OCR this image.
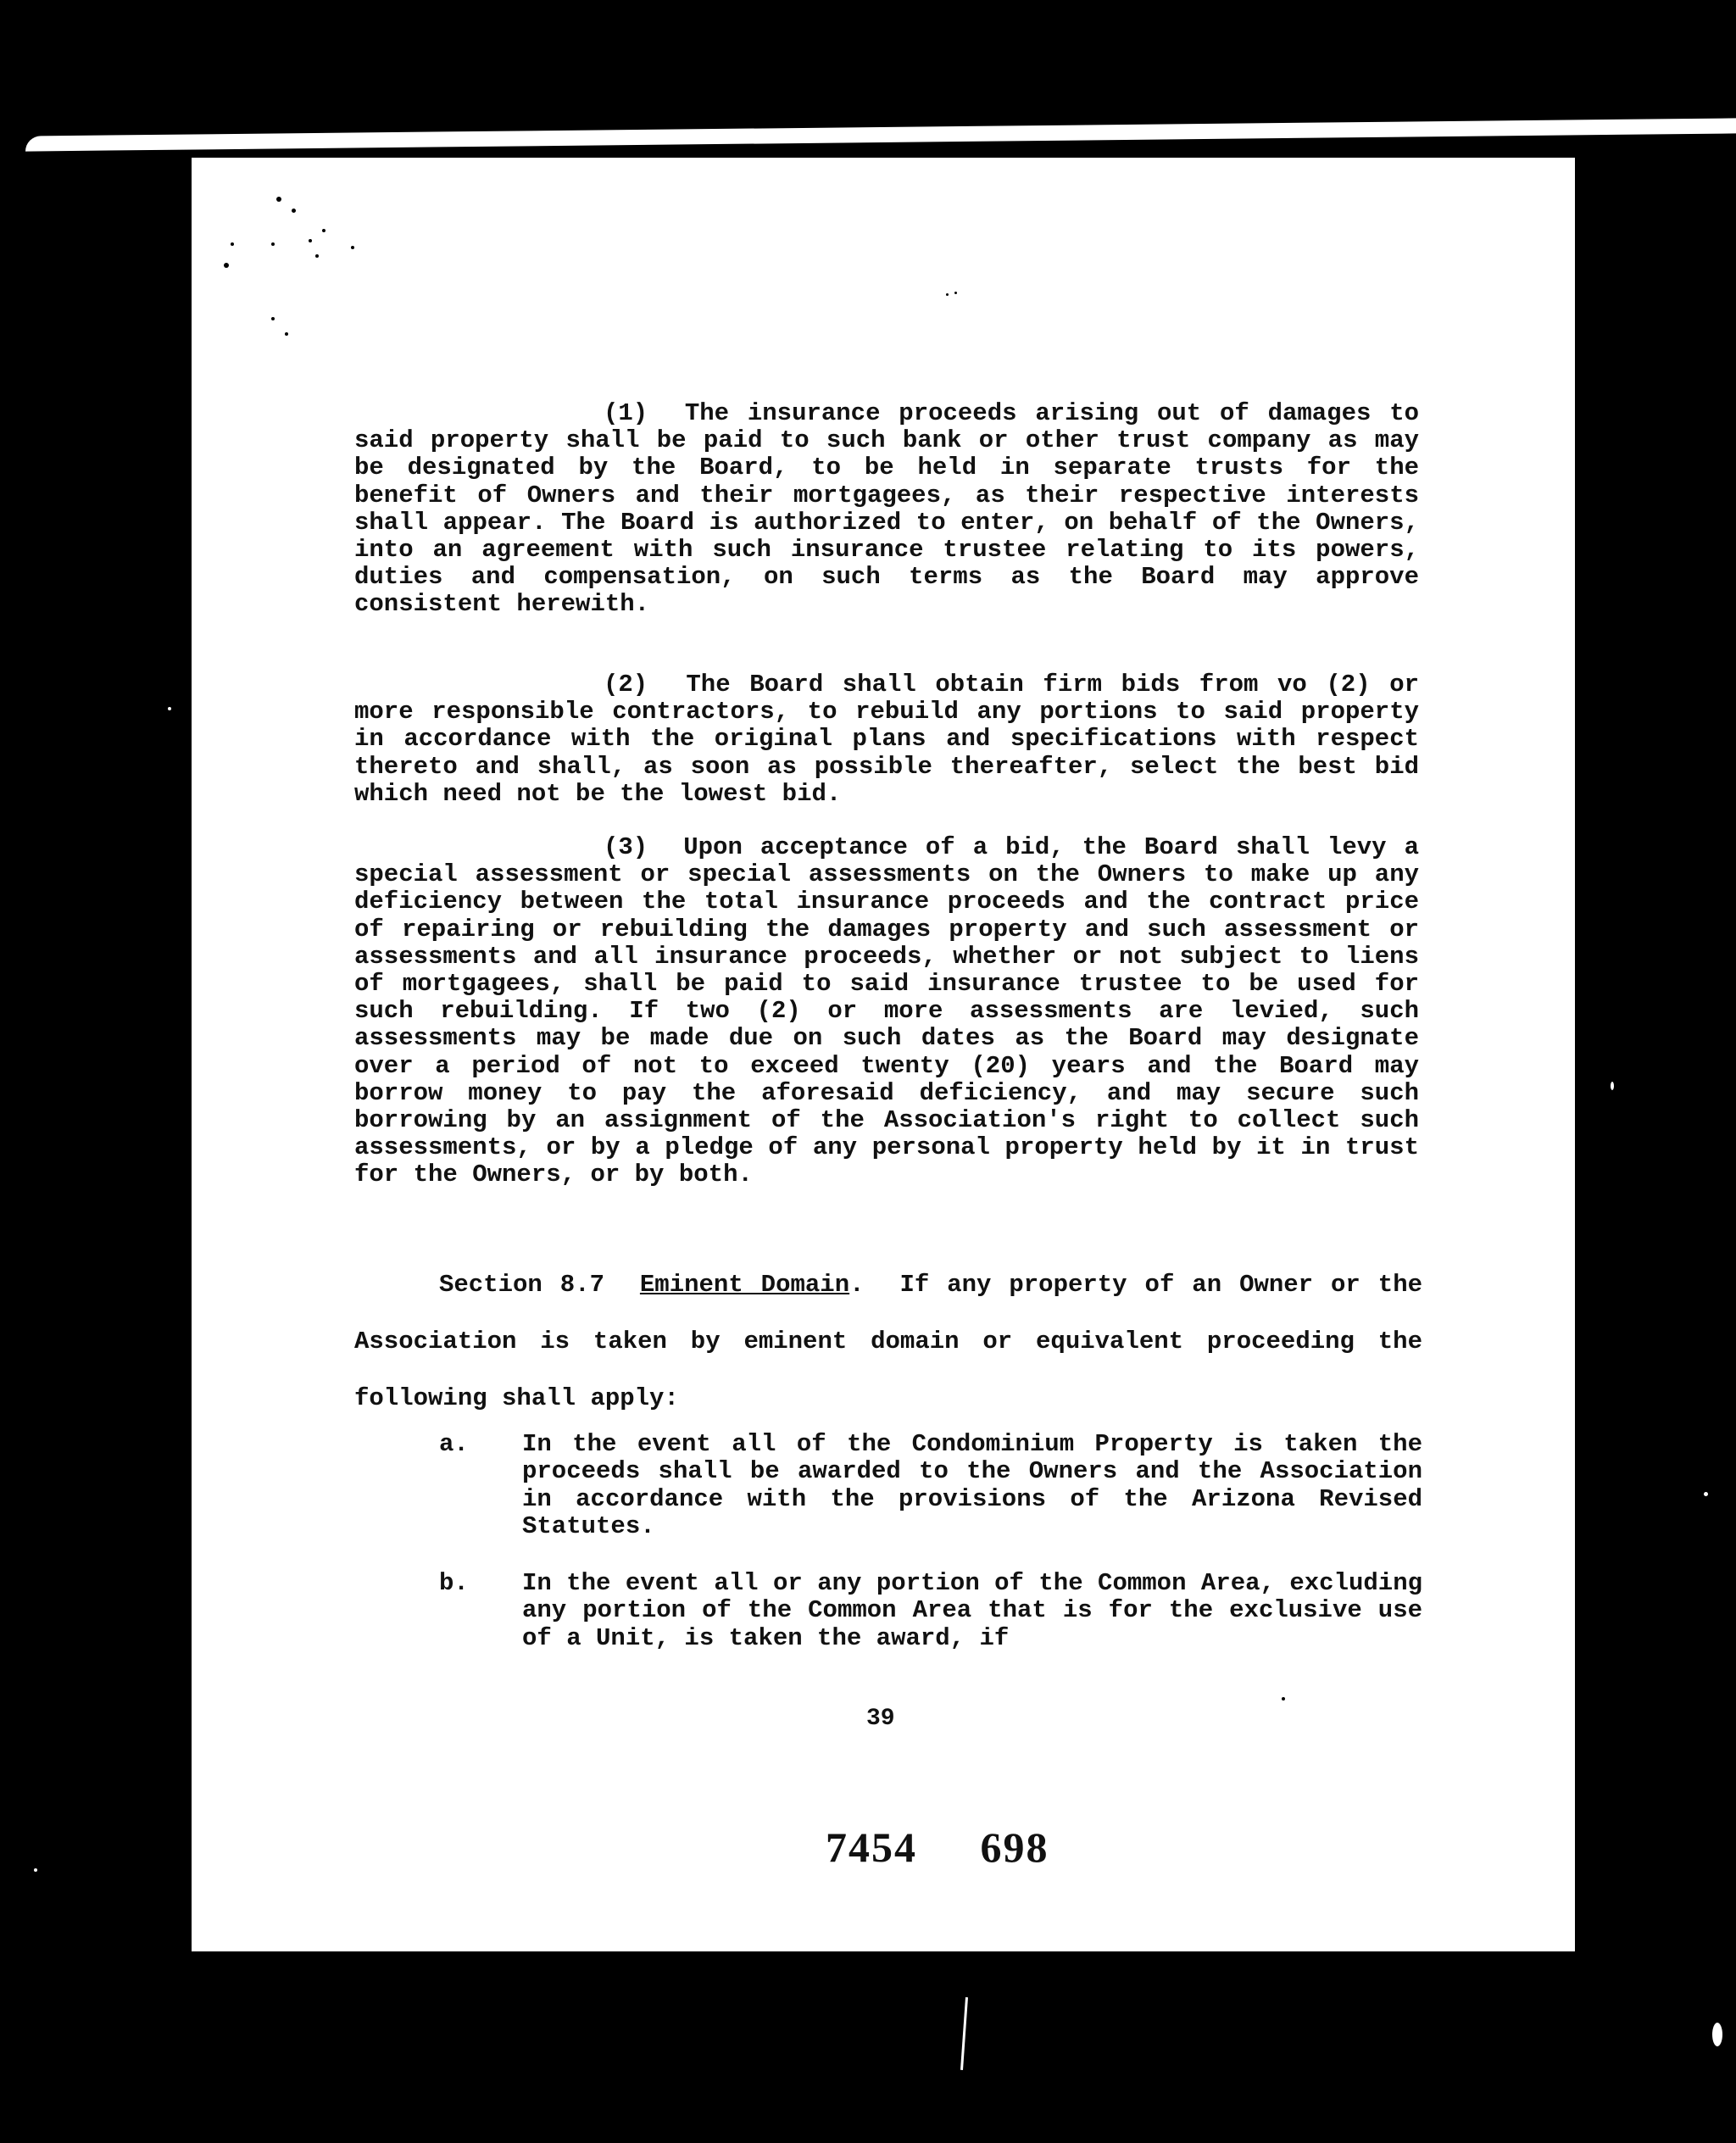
(1) The insurance proceeds arising out of damages to said property shall be paid to such bank or other trust company as may be designated by the Board, to be held in separate trusts for the benefit of Owners and their mortgagees, as their respective interests shall appear. The Board is authorized to enter, on behalf of the Owners, into an agreement with such insurance trustee relating to its powers, duties and compensation, on such terms as the Board may approve consistent herewith.
(2) The Board shall obtain firm bids from vo (2) or more responsible contractors, to rebuild any portions to said property in accordance with the original plans and specifications with respect thereto and shall, as soon as possible thereafter, select the best bid which need not be the lowest bid.
(3) Upon acceptance of a bid, the Board shall levy a special assessment or special assessments on the Owners to make up any deficiency between the total insurance proceeds and the contract price of repairing or rebuilding the damages property and such assessment or assessments and all insurance proceeds, whether or not subject to liens of mortgagees, shall be paid to said insurance trustee to be used for such rebuilding. If two (2) or more assessments are levied, such assessments may be made due on such dates as the Board may designate over a period of not to exceed twenty (20) years and the Board may borrow money to pay the aforesaid deficiency, and may secure such borrowing by an assignment of the Association's right to collect such assessments, or by a pledge of any personal property held by it in trust for the Owners, or by both.
Section 8.7 Eminent Domain.  If any property of an Owner or the Association is taken by eminent domain or equivalent proceeding the following shall apply:
a. In the event all of the Condominium Property is taken the proceeds shall be awarded to the Owners and the Association in accordance with the provisions of the Arizona Revised Statutes.
b. In the event all or any portion of the Common Area, excluding any portion of the Common Area that is for the exclusive use of a Unit, is taken the award, if
39
7454 698
